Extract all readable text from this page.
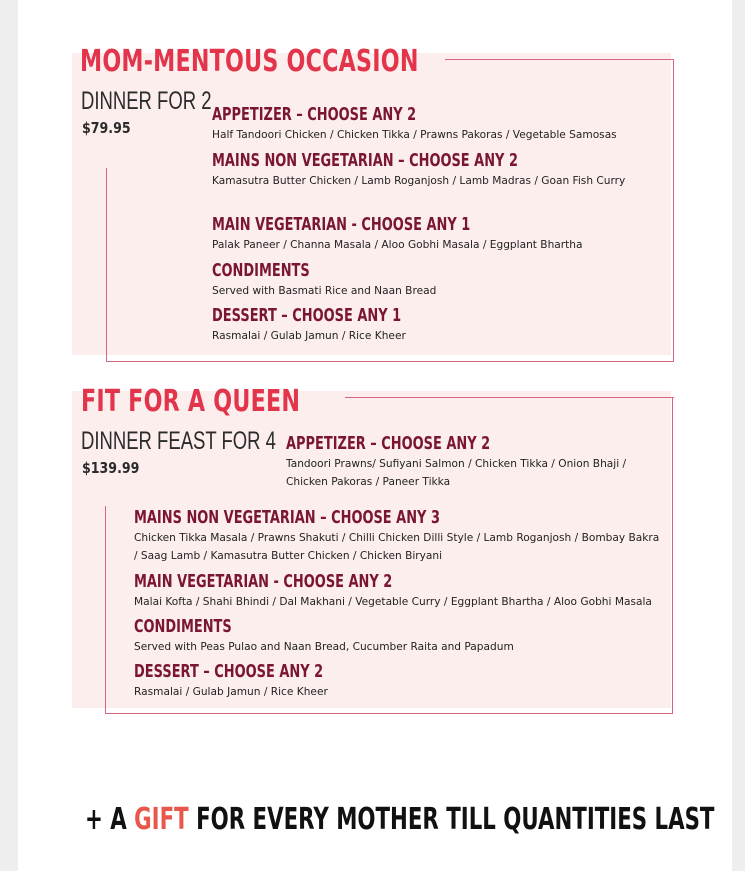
MOM-MENTOUS OCCASION
DINNER FOR 2
$79.95
APPETIZER – CHOOSE ANY 2
Half Tandoori Chicken / Chicken Tikka / Prawns Pakoras / Vegetable Samosas
MAINS NON VEGETARIAN – CHOOSE ANY 2
Kamasutra Butter Chicken / Lamb Roganjosh / Lamb Madras / Goan Fish Curry
MAIN VEGETARIAN - CHOOSE ANY 1
Palak Paneer / Channa Masala / Aloo Gobhi Masala / Eggplant Bhartha
CONDIMENTS
Served with Basmati Rice and Naan Bread
DESSERT – CHOOSE ANY 1
Rasmalai / Gulab Jamun / Rice Kheer
FIT FOR A QUEEN
DINNER FEAST FOR 4
$139.99
APPETIZER – CHOOSE ANY 2
Tandoori Prawns/ Sufiyani Salmon / Chicken Tikka / Onion Bhaji / Chicken Pakoras / Paneer Tikka
MAINS NON VEGETARIAN – CHOOSE ANY 3
Chicken Tikka Masala / Prawns Shakuti / Chilli Chicken Dilli Style / Lamb Roganjosh / Bombay Bakra / Saag Lamb / Kamasutra Butter Chicken / Chicken Biryani
MAIN VEGETARIAN - CHOOSE ANY 2
Malai Kofta / Shahi Bhindi / Dal Makhani / Vegetable Curry / Eggplant Bhartha / Aloo Gobhi Masala
CONDIMENTS
Served with Peas Pulao and Naan Bread, Cucumber Raita and Papadum
DESSERT – CHOOSE ANY 2
Rasmalai / Gulab Jamun / Rice Kheer
+ A GIFT FOR EVERY MOTHER TILL QUANTITIES LAST
